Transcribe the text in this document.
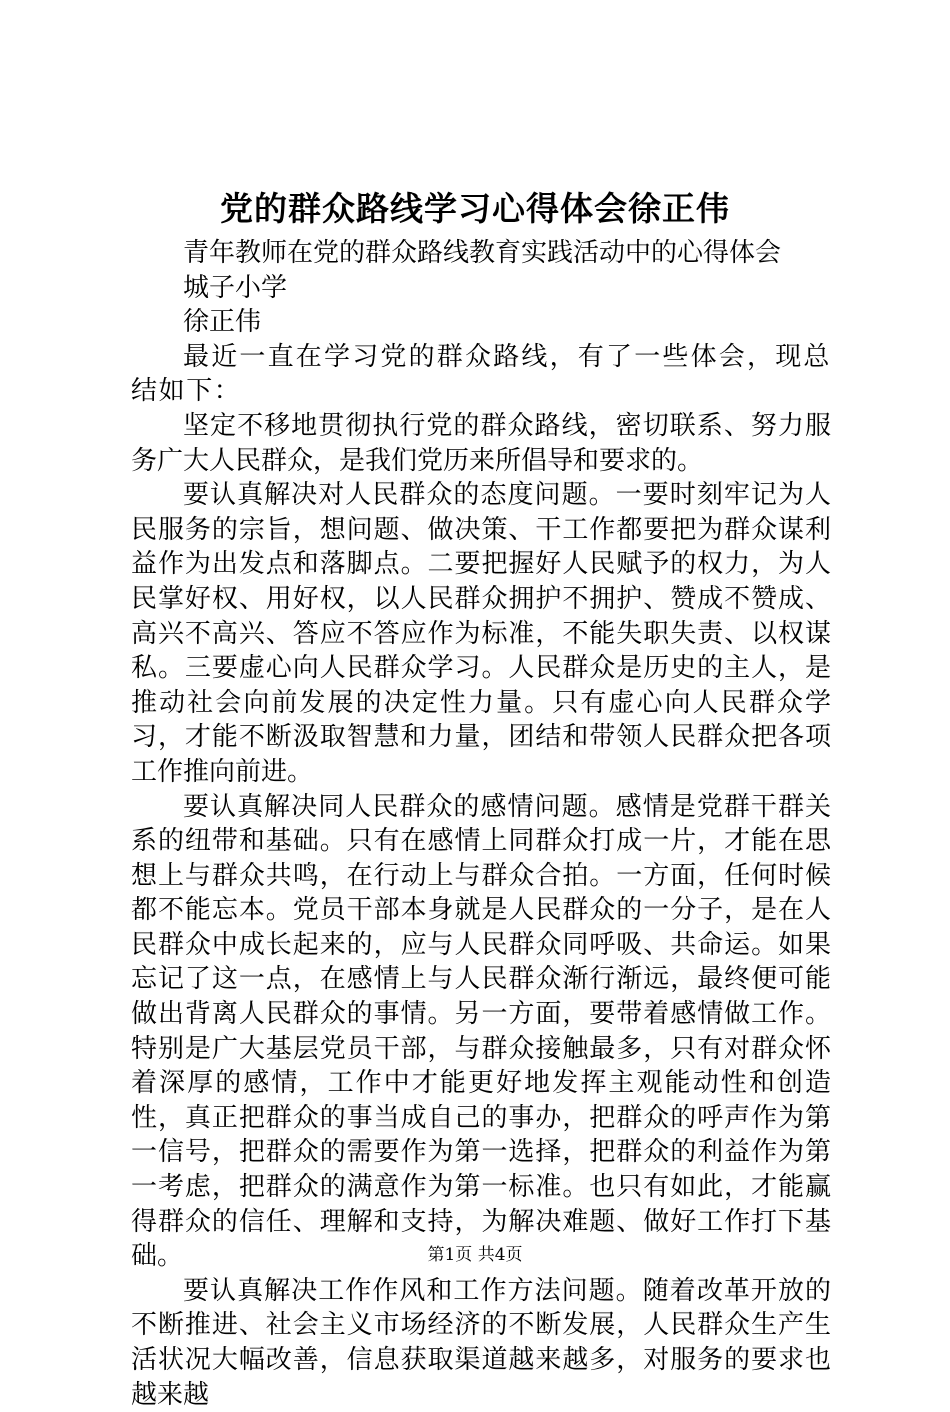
党的群众路线学习心得体会徐正伟

青年教师在党的群众路线教育实践活动中的心得体会

城子小学

徐正伟

最近一直在学习党的群众路线，有了一些体会，现总结如下：

坚定不移地贯彻执行党的群众路线，密切联系、努力服务广大人民群众，是我们党历来所倡导和要求的。

要认真解决对人民群众的态度问题。一要时刻牢记为人民服务的宗旨，想问题、做决策、干工作都要把为群众谋利益作为出发点和落脚点。二要把握好人民赋予的权力，为人民掌好权、用好权，以人民群众拥护不拥护、赞成不赞成、高兴不高兴、答应不答应作为标准，不能失职失责、以权谋私。三要虚心向人民群众学习。人民群众是历史的主人，是推动社会向前发展的决定性力量。只有虚心向人民群众学习，才能不断汲取智慧和力量，团结和带领人民群众把各项工作推向前进。

要认真解决同人民群众的感情问题。感情是党群干群关系的纽带和基础。只有在感情上同群众打成一片，才能在思想上与群众共鸣，在行动上与群众合拍。一方面，任何时候都不能忘本。党员干部本身就是人民群众的一分子，是在人民群众中成长起来的，应与人民群众同呼吸、共命运。如果忘记了这一点，在感情上与人民群众渐行渐远，最终便可能做出背离人民群众的事情。另一方面，要带着感情做工作。特别是广大基层党员干部，与群众接触最多，只有对群众怀着深厚的感情，工作中才能更好地发挥主观能动性和创造性，真正把群众的事当成自己的事办，把群众的呼声作为第一信号，把群众的需要作为第一选择，把群众的利益作为第一考虑，把群众的满意作为第一标准。也只有如此，才能赢得群众的信任、理解和支持，为解决难题、做好工作打下基础。

要认真解决工作作风和工作方法问题。随着改革开放的不断推进、社会主义市场经济的不断发展，人民群众生产生活状况大幅改善，信息获取渠道越来越多，对服务的要求也越来越

第1页 共4页
